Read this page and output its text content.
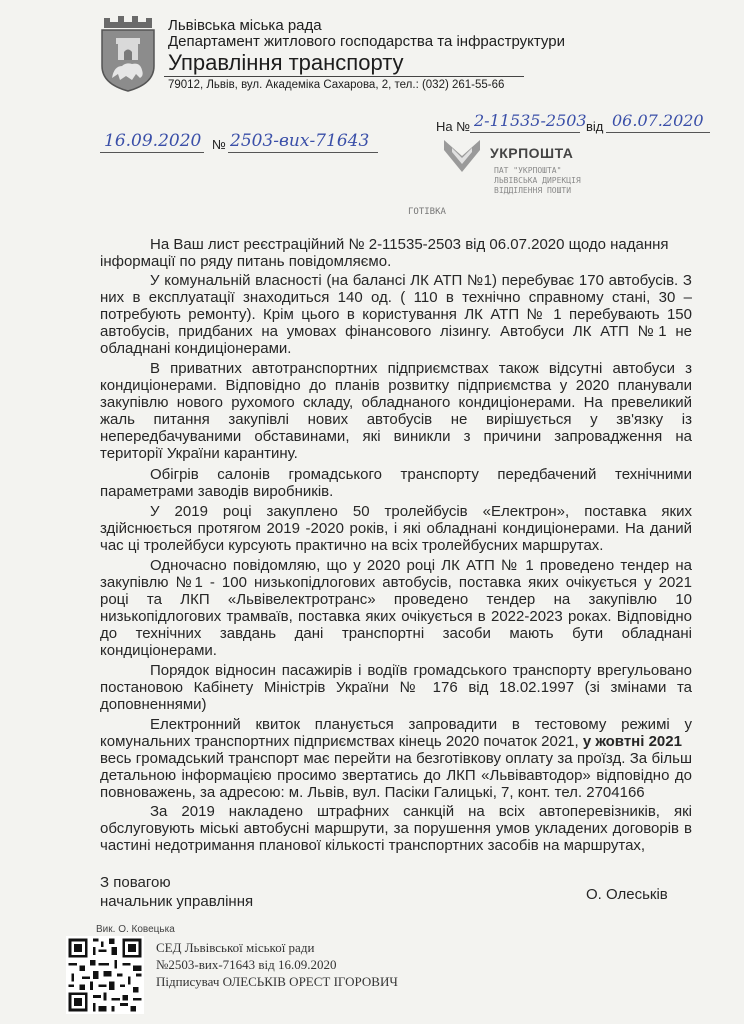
Львівська міська рада
Департамент житлового господарства та інфраструктури
Управління транспорту
79012, Львів, вул. Академіка Сахарова, 2, тел.: (032) 261-55-66
16.09.2020 № 2503-вих-71643
На № 2-11535-2503 від 06.07.2020
УКРПОШТА
ПАТ "УКРПОШТА"
ЛЬВІВСЬКА ДИРЕКЦІЯ
ВІДДІЛЕННЯ ПОШТИ
ГОТІВКА
На Ваш лист реєстраційний № 2-11535-2503 від 06.07.2020 щодо надання
інформації по ряду питань повідомляємо.
У комунальній власності (на балансі ЛК АТП №1) перебуває 170 автобусів. З
них в експлуатації знаходиться 140 од. ( 110 в технічно справному стані, 30 –
потребують ремонту). Крім цього в користування ЛК АТП № 1 перебувають 150
автобусів, придбаних на умовах фінансового лізингу. Автобуси ЛК АТП №1 не
обладнані кондиціонерами.
В приватних автотранспортних підприємствах також відсутні автобуси з
кондиціонерами. Відповідно до планів розвитку підприємства у 2020 планували
закупівлю нового рухомого складу, обладнаного кондиціонерами. На превеликий
жаль питання закупівлі нових автобусів не вирішується у зв'язку із
непередбачуваними обставинами, які виникли з причини запровадження на
території України карантину.
Обігрів салонів громадського транспорту передбачений технічними
параметрами заводів виробників.
У 2019 році закуплено 50 тролейбусів «Електрон», поставка яких
здійснюється протягом 2019 -2020 років, і які обладнані кондиціонерами. На даний
час ці тролейбуси курсують практично на всіх тролейбусних маршрутах.
Одночасно повідомляю, що у 2020 році ЛК АТП № 1 проведено тендер на
закупівлю №1 - 100 низькопідлогових автобусів, поставка яких очікується у 2021
році та ЛКП «Львівелектротранс» проведено тендер на закупівлю 10
низькопідлогових трамваїв, поставка яких очікується в 2022-2023 роках. Відповідно
до технічних завдань дані транспортні засоби мають бути обладнані
кондиціонерами.
Порядок відносин пасажирів і водіїв громадського транспорту врегульовано
постановою Кабінету Міністрів України № 176 від 18.02.1997 (зі змінами та
доповненнями)
Електронний квиток планується запровадити в тестовому режимі у
комунальних транспортних підприємствах кінець 2020 початок 2021, у жовтні 2021
весь громадський транспорт має перейти на безготівкову оплату за проїзд. За більш
детальною інформацією просимо звертатись до ЛКП «Львівавтодор» відповідно до
повноважень, за адресою: м. Львів, вул. Пасіки Галицькі, 7, конт. тел. 2704166
За 2019 накладено штрафних санкцій на всіх автоперевізників, які
обслуговують міські автобусні маршрути, за порушення умов укладених договорів в
частині недотримання планової кількості транспортних засобів на маршрутах,
З повагою
начальник управління	О. Олеськів
Вик. О. Ковецька
СЕД Львівської міської ради
№2503-вих-71643 від 16.09.2020
Підписувач ОЛЕСЬКІВ ОРЕСТ ІГОРОВИЧ
